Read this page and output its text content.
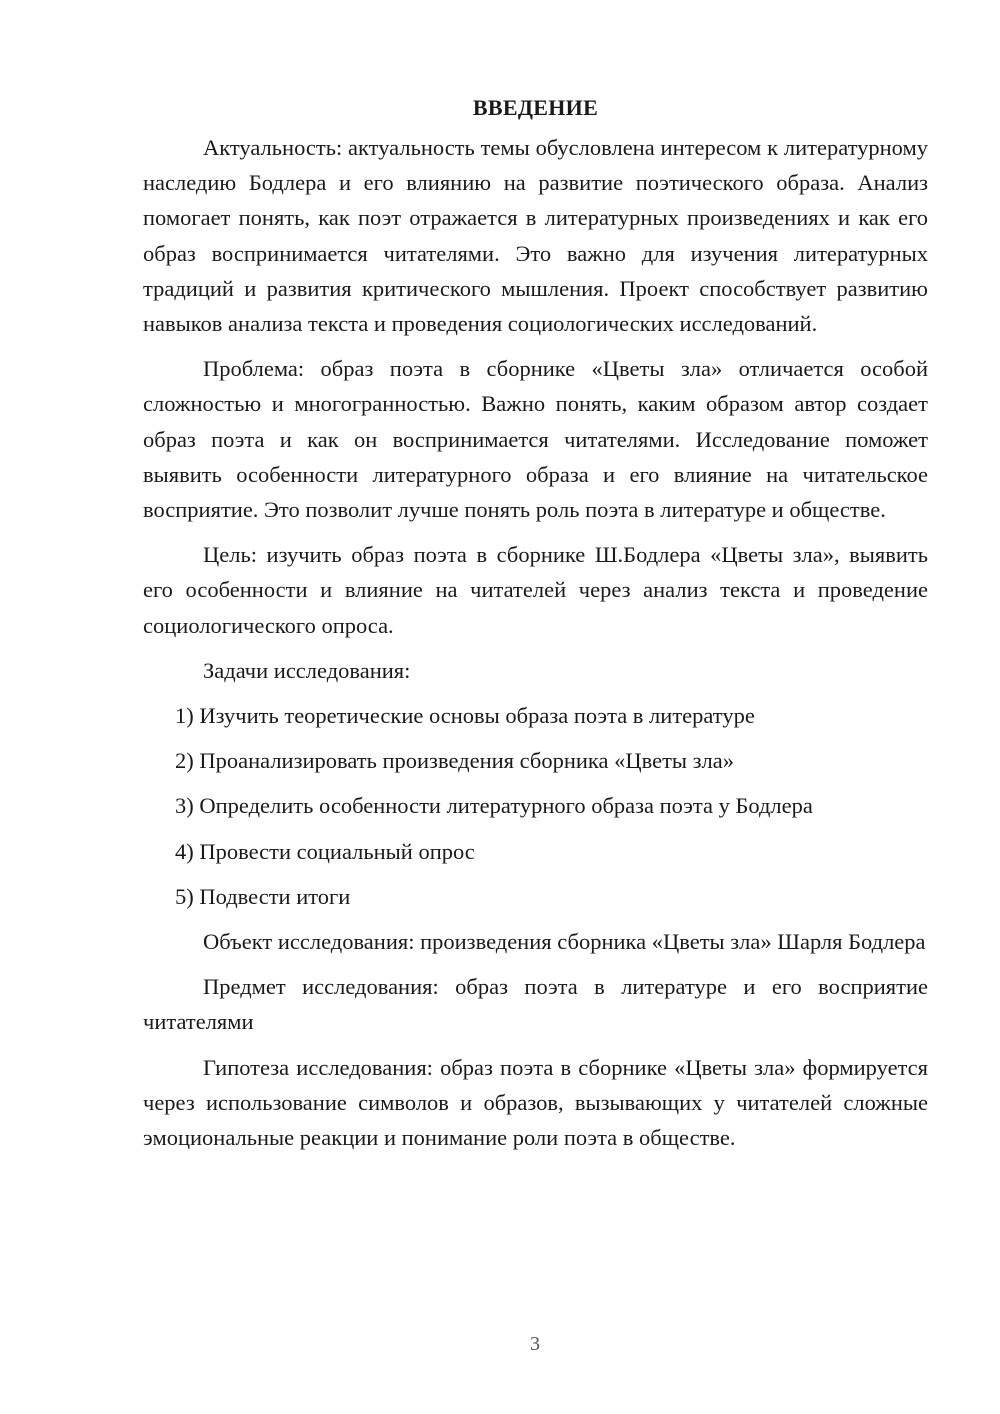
ВВЕДЕНИЕ

Актуальность: актуальность темы обусловлена интересом к литературному наследию Бодлера и его влиянию на развитие поэтического образа. Анализ помогает понять, как поэт отражается в литературных произведениях и как его образ воспринимается читателями. Это важно для изучения литературных традиций и развития критического мышления. Проект способствует развитию навыков анализа текста и проведения социологических исследований.

Проблема: образ поэта в сборнике «Цветы зла» отличается особой сложностью и многогранностью. Важно понять, каким образом автор создает образ поэта и как он воспринимается читателями. Исследование поможет выявить особенности литературного образа и его влияние на читательское восприятие. Это позволит лучше понять роль поэта в литературе и обществе.

Цель: изучить образ поэта в сборнике Ш.Бодлера «Цветы зла», выявить его особенности и влияние на читателей через анализ текста и проведение социологического опроса.

Задачи исследования:
1) Изучить теоретические основы образа поэта в литературе
2) Проанализировать произведения сборника «Цветы зла»
3) Определить особенности литературного образа поэта у Бодлера
4) Провести социальный опрос
5) Подвести итоги

Объект исследования: произведения сборника «Цветы зла» Шарля Бодлера

Предмет исследования: образ поэта в литературе и его восприятие читателями

Гипотеза исследования: образ поэта в сборнике «Цветы зла» формируется через использование символов и образов, вызывающих у читателей сложные эмоциональные реакции и понимание роли поэта в обществе.

3
